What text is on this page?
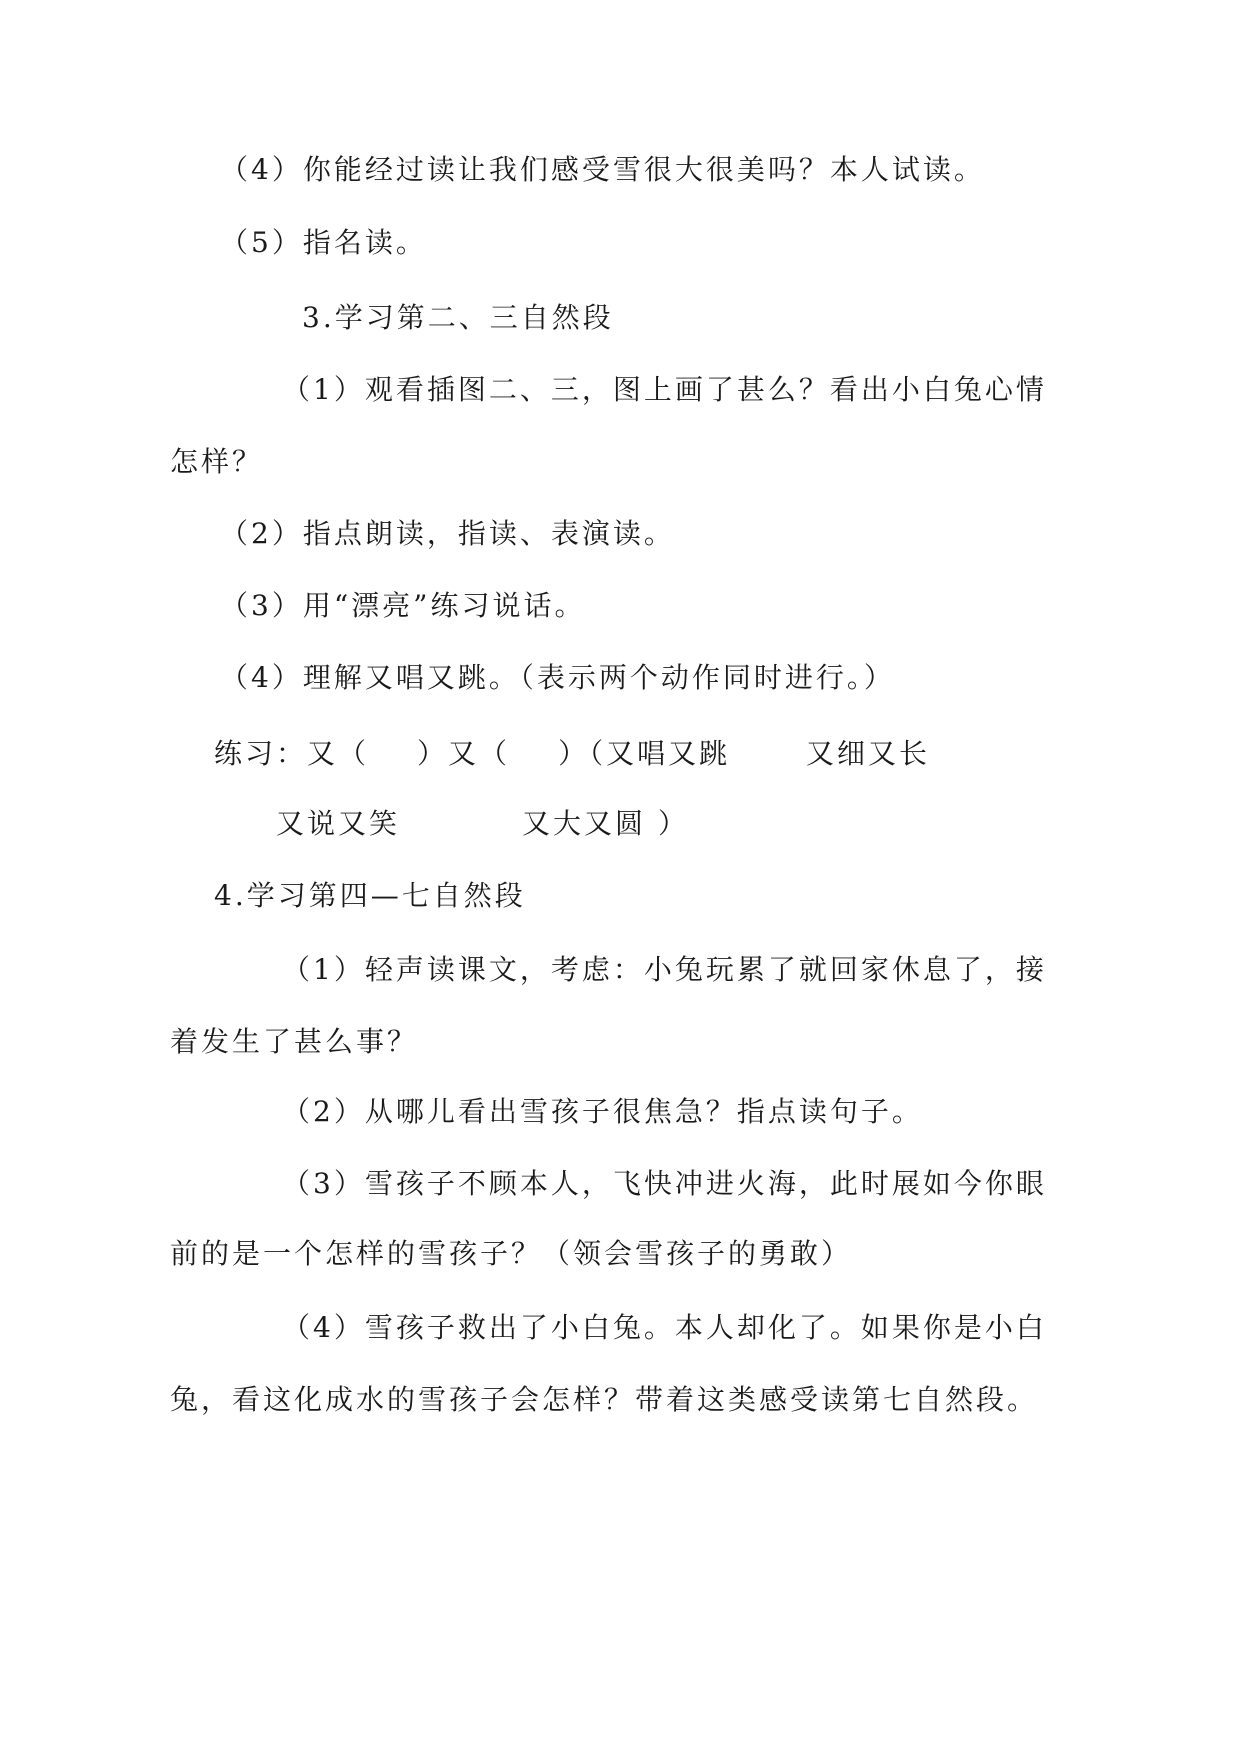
（4）你能经过读让我们感受雪很大很美吗？本人试读。
（5）指名读。
3.学习第二、三自然段
（1）观看插图二、三，图上画了甚么？看出小白兔心情
怎样？
（2）指点朗读，指读、表演读。
（3）用“漂亮”练习说话。
（4）理解又唱又跳。（表示两个动作同时进行。）
练习：又（ ）又（ ）（又唱又跳	又细又长
又说又笑	又大又圆 ）
4.学习第四—七自然段
（1）轻声读课文，考虑：小兔玩累了就回家休息了，接
着发生了甚么事？
（2）从哪儿看出雪孩子很焦急？指点读句子。
（3）雪孩子不顾本人，飞快冲进火海，此时展如今你眼
前的是一个怎样的雪孩子？（领会雪孩子的勇敢）
（4）雪孩子救出了小白兔。本人却化了。如果你是小白
兔，看这化成水的雪孩子会怎样？带着这类感受读第七自然段。
